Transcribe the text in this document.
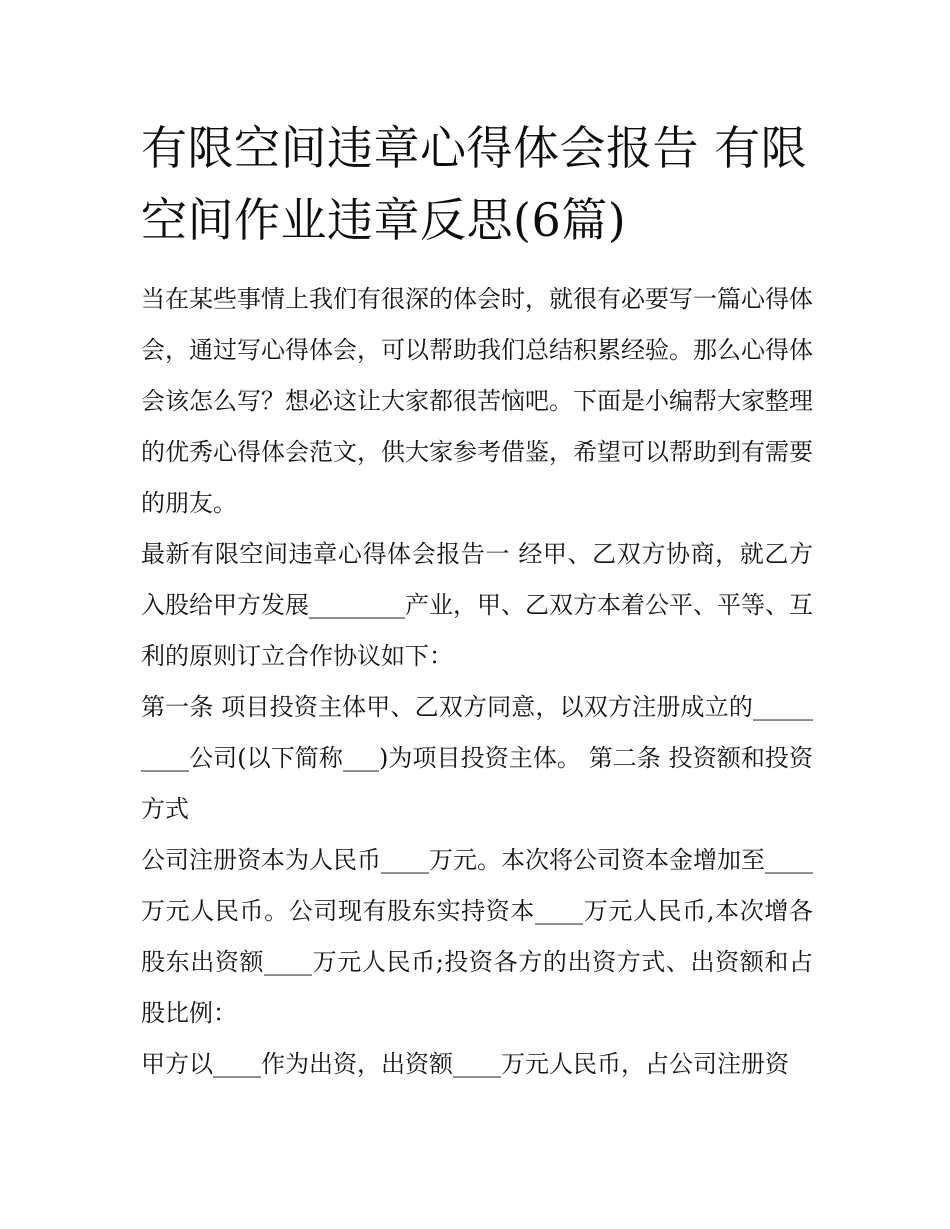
有限空间违章心得体会报告 有限空间作业违章反思(6篇)

当在某些事情上我们有很深的体会时，就很有必要写一篇心得体会，通过写心得体会，可以帮助我们总结积累经验。那么心得体会该怎么写？想必这让大家都很苦恼吧。下面是小编帮大家整理的优秀心得体会范文，供大家参考借鉴，希望可以帮助到有需要的朋友。

最新有限空间违章心得体会报告一 经甲、乙双方协商，就乙方入股给甲方发展________产业，甲、乙双方本着公平、平等、互利的原则订立合作协议如下：

第一条 项目投资主体甲、乙双方同意，以双方注册成立的_________公司(以下简称___)为项目投资主体。 第二条 投资额和投资方式

公司注册资本为人民币____万元。本次将公司资本金增加至____万元人民币。公司现有股东实持资本____万元人民币,本次增各股东出资额____万元人民币;投资各方的出资方式、出资额和占股比例：

甲方以____作为出资，出资额____万元人民币，占公司注册资
